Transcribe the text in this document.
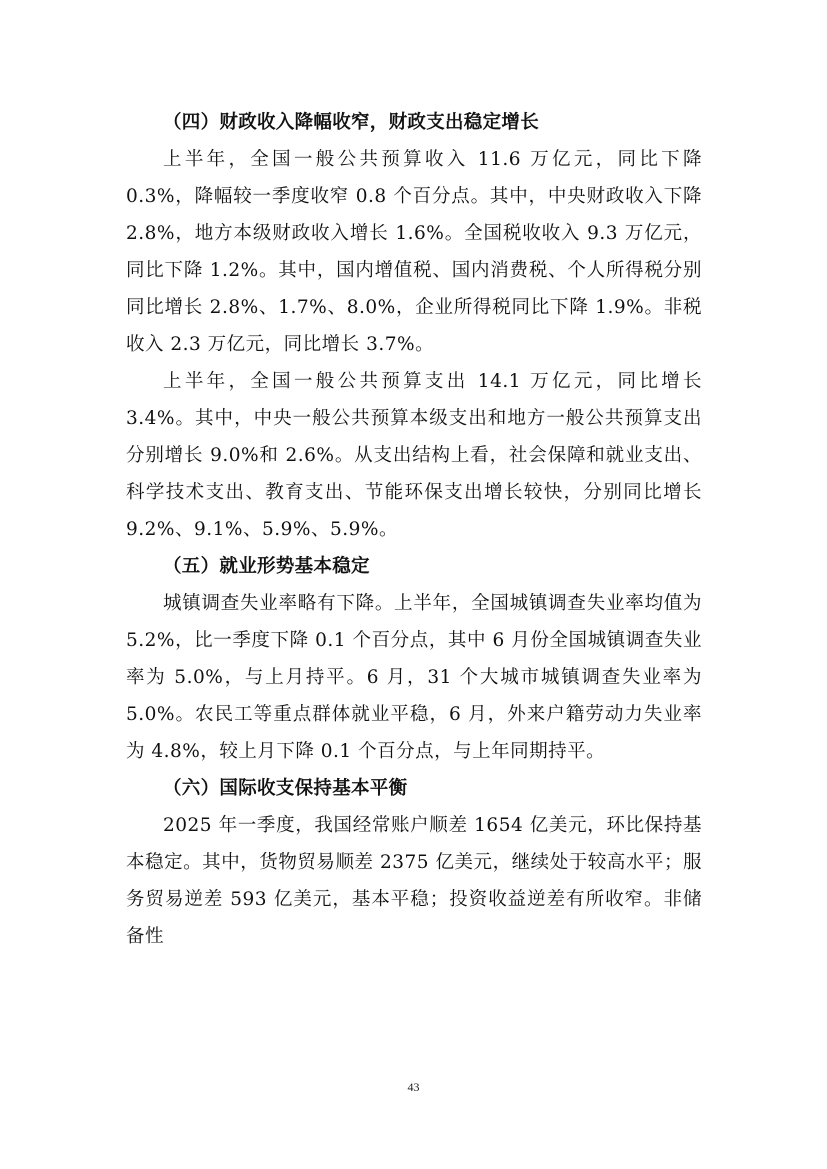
（四）财政收入降幅收窄，财政支出稳定增长

上半年，全国一般公共预算收入 11.6 万亿元，同比下降 0.3%，降幅较一季度收窄 0.8 个百分点。其中，中央财政收入下降 2.8%，地方本级财政收入增长 1.6%。全国税收收入 9.3 万亿元，同比下降 1.2%。其中，国内增值税、国内消费税、个人所得税分别同比增长 2.8%、1.7%、8.0%，企业所得税同比下降 1.9%。非税收入 2.3 万亿元，同比增长 3.7%。

上半年，全国一般公共预算支出 14.1 万亿元，同比增长 3.4%。其中，中央一般公共预算本级支出和地方一般公共预算支出分别增长 9.0%和 2.6%。从支出结构上看，社会保障和就业支出、科学技术支出、教育支出、节能环保支出增长较快，分别同比增长 9.2%、9.1%、5.9%、5.9%。

（五）就业形势基本稳定

城镇调查失业率略有下降。上半年，全国城镇调查失业率均值为 5.2%，比一季度下降 0.1 个百分点，其中 6 月份全国城镇调查失业率为 5.0%，与上月持平。6 月，31 个大城市城镇调查失业率为 5.0%。农民工等重点群体就业平稳，6 月，外来户籍劳动力失业率为 4.8%，较上月下降 0.1 个百分点，与上年同期持平。

（六）国际收支保持基本平衡

2025 年一季度，我国经常账户顺差 1654 亿美元，环比保持基本稳定。其中，货物贸易顺差 2375 亿美元，继续处于较高水平；服务贸易逆差 593 亿美元，基本平稳；投资收益逆差有所收窄。非储备性

43
